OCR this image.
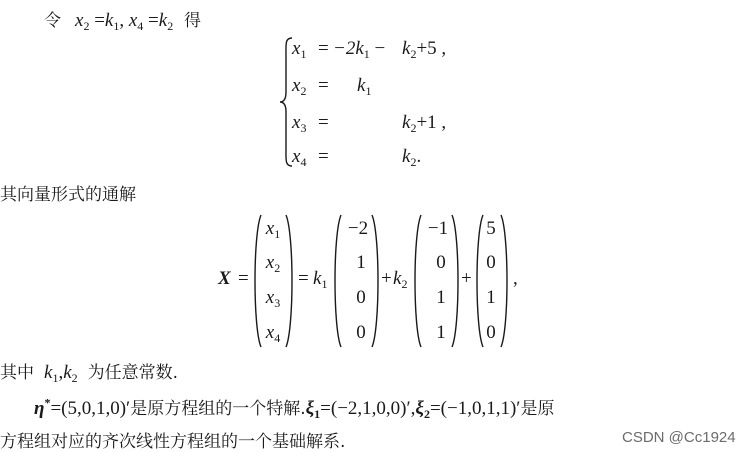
令 $x_2 =k_1$, $x_4 =k_2$ 得
$x_1 = -2k_1 - k_2+5$ ,
$x_2 = k_1$
$x_3$ =	$k_2+1$ ,
$x_4$ =	$k_2$.
其向量形式的通解
X =
$x_1$
$x_2$
$x_3$
$x_4$
= $k_1$
−2
1
0
0
+ $k_2$
−1
0
1
1
+
5
0
1
0
,
其中 $k_1,k_2$ 为任意常数.
η*=(5,0,1,0)′是原方程组的一个特解$.\xi_1=(-2,1,0,0)',\xi_2=(-1,0,1,1)'$是原
方程组对应的齐次线性方程组的一个基础解系.	CSDN @Cc1924
